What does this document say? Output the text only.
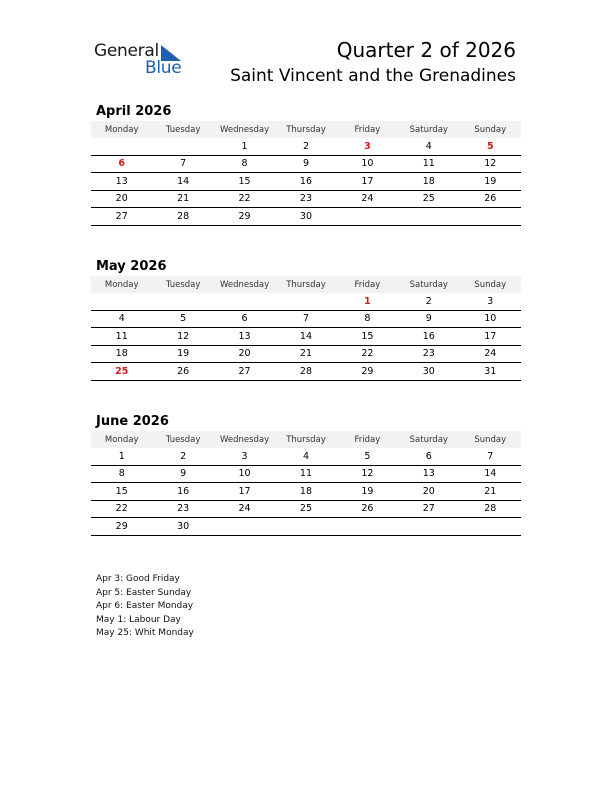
General
Blue
Quarter 2 of 2026
Saint Vincent and the Grenadines
April 2026
Monday	Tuesday	Wednesday	Thursday	Friday	Saturday	Sunday
		1	2	3	4	5
6	7	8	9	10	11	12
13	14	15	16	17	18	19
20	21	22	23	24	25	26
27	28	29	30			
May 2026
Monday	Tuesday	Wednesday	Thursday	Friday	Saturday	Sunday
				1	2	3
4	5	6	7	8	9	10
11	12	13	14	15	16	17
18	19	20	21	22	23	24
25	26	27	28	29	30	31
June 2026
Monday	Tuesday	Wednesday	Thursday	Friday	Saturday	Sunday
1	2	3	4	5	6	7
8	9	10	11	12	13	14
15	16	17	18	19	20	21
22	23	24	25	26	27	28
29	30					
Apr 3: Good Friday
Apr 5: Easter Sunday
Apr 6: Easter Monday
May 1: Labour Day
May 25: Whit Monday
